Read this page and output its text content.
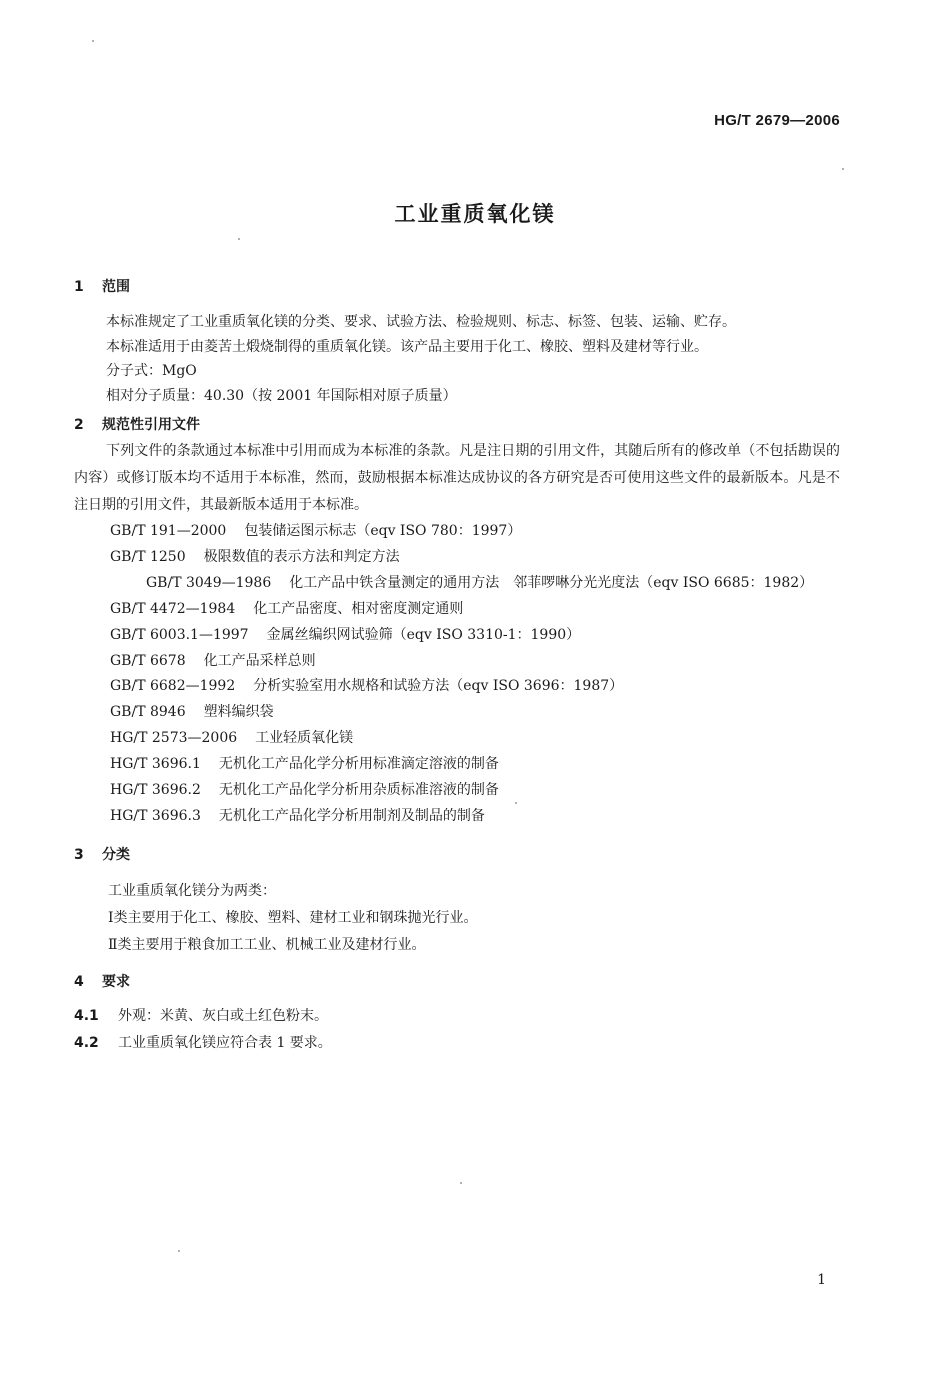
HG/T 2679—2006
工业重质氧化镁
1 范围

本标准规定了工业重质氧化镁的分类、要求、试验方法、检验规则、标志、标签、包装、运输、贮存。

本标准适用于由菱苦土煅烧制得的重质氧化镁。该产品主要用于化工、橡胶、塑料及建材等行业。

分子式：MgO

相对分子质量：40.30（按 2001 年国际相对原子质量）

2 规范性引用文件

下列文件的条款通过本标准中引用而成为本标准的条款。凡是注日期的引用文件，其随后所有的修改单（不包括勘误的内容）或修订版本均不适用于本标准，然而，鼓励根据本标准达成协议的各方研究是否可使用这些文件的最新版本。凡是不注日期的引用文件，其最新版本适用于本标准。

GB/T 191—2000 包装储运图示标志（eqv ISO 780：1997）
GB/T 1250 极限数值的表示方法和判定方法
GB/T 3049—1986 化工产品中铁含量测定的通用方法　邻菲啰啉分光光度法（eqv ISO 6685：1982）
GB/T 4472—1984 化工产品密度、相对密度测定通则
GB/T 6003.1—1997 金属丝编织网试验筛（eqv ISO 3310-1：1990）
GB/T 6678 化工产品采样总则
GB/T 6682—1992 分析实验室用水规格和试验方法（eqv ISO 3696：1987）
GB/T 8946 塑料编织袋
HG/T 2573—2006 工业轻质氧化镁
HG/T 3696.1 无机化工产品化学分析用标准滴定溶液的制备
HG/T 3696.2 无机化工产品化学分析用杂质标准溶液的制备
HG/T 3696.3 无机化工产品化学分析用制剂及制品的制备
3 分类
工业重质氧化镁分为两类：
Ⅰ类主要用于化工、橡胶、塑料、建材工业和钢珠抛光行业。
Ⅱ类主要用于粮食加工工业、机械工业及建材行业。
4 要求
4.1 外观：米黄、灰白或土红色粉末。
4.2 工业重质氧化镁应符合表 1 要求。
1
